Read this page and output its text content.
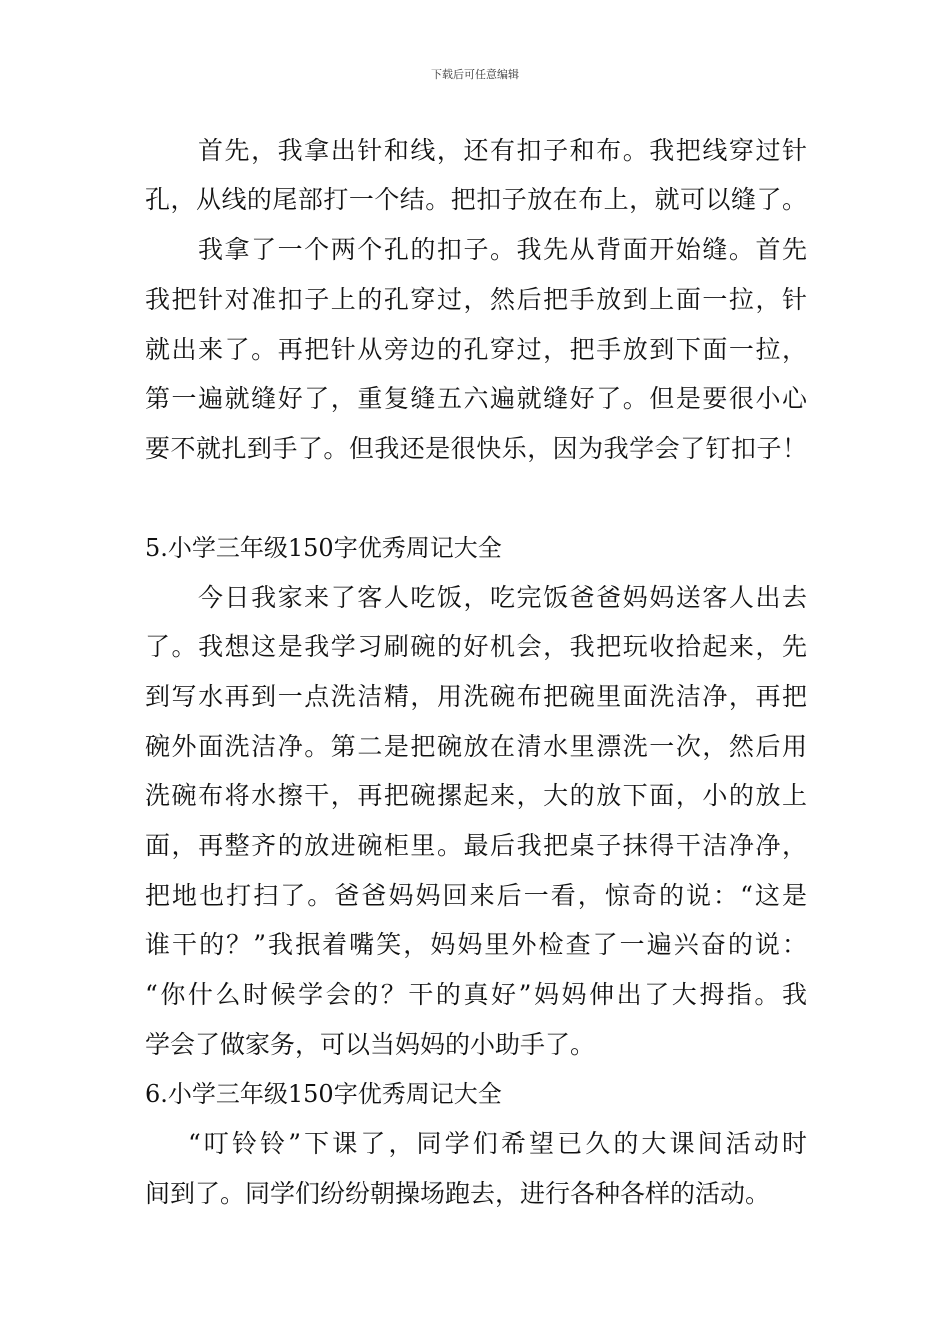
下载后可任意编辑
首先，我拿出针和线，还有扣子和布。我把线穿过针
孔，从线的尾部打一个结。把扣子放在布上，就可以缝了。
我拿了一个两个孔的扣子。我先从背面开始缝。首先
我把针对准扣子上的孔穿过，然后把手放到上面一拉，针
就出来了。再把针从旁边的孔穿过，把手放到下面一拉，
第一遍就缝好了，重复缝五六遍就缝好了。但是要很小心
要不就扎到手了。但我还是很快乐，因为我学会了钉扣子！
5.小学三年级150字优秀周记大全
今日我家来了客人吃饭，吃完饭爸爸妈妈送客人出去
了。我想这是我学习刷碗的好机会，我把玩收拾起来，先
到写水再到一点洗洁精，用洗碗布把碗里面洗洁净，再把
碗外面洗洁净。第二是把碗放在清水里漂洗一次，然后用
洗碗布将水擦干，再把碗摞起来，大的放下面，小的放上
面，再整齐的放进碗柜里。最后我把桌子抹得干洁净净，
把地也打扫了。爸爸妈妈回来后一看，惊奇的说：“这是
谁干的？”我抿着嘴笑，妈妈里外检查了一遍兴奋的说：
“你什么时候学会的？干的真好”妈妈伸出了大拇指。我
学会了做家务，可以当妈妈的小助手了。
6.小学三年级150字优秀周记大全
“叮铃铃”下课了，同学们希望已久的大课间活动时
间到了。同学们纷纷朝操场跑去，进行各种各样的活动。
